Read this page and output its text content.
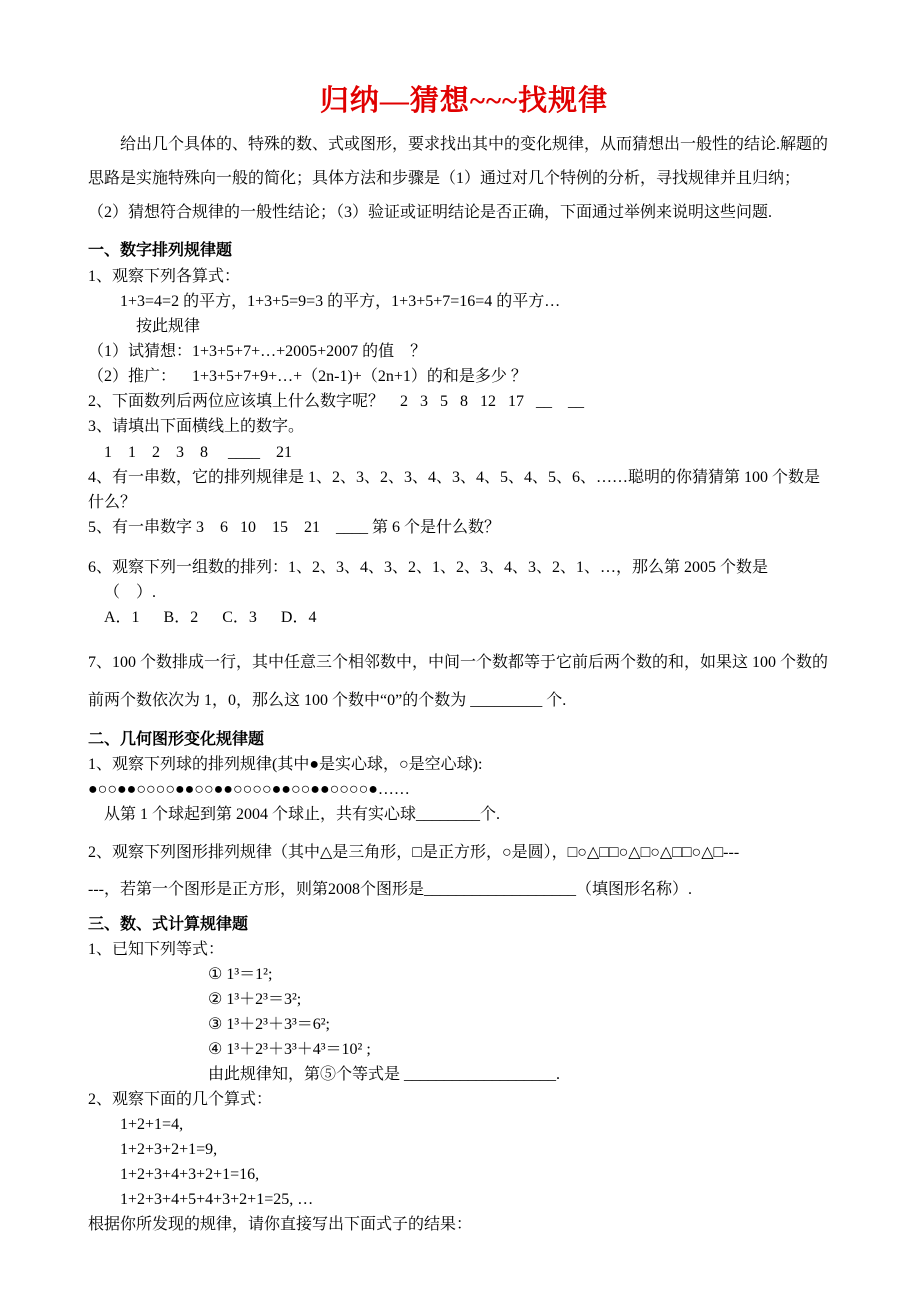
归纳—猜想~~~找规律
给出几个具体的、特殊的数、式或图形，要求找出其中的变化规律，从而猜想出一般性的结论.解题的
思路是实施特殊向一般的简化；具体方法和步骤是（1）通过对几个特例的分析，寻找规律并且归纳；
（2）猜想符合规律的一般性结论；（3）验证或证明结论是否正确，下面通过举例来说明这些问题.
一、数字排列规律题
1、观察下列各算式：
1+3=4=2 的平方，1+3+5=9=3 的平方，1+3+5+7=16=4 的平方…
按此规律
（1）试猜想：1+3+5+7+…+2005+2007 的值　？
（2）推广：    1+3+5+7+9+…+（2n-1)+（2n+1）的和是多少 ？
2、下面数列后两位应该填上什么数字呢？    2   3   5   8   12   17   __    __
3、请填出下面横线上的数字。
1    1    2    3    8     ____    21
4、有一串数，它的排列规律是 1、2、3、2、3、4、3、4、5、4、5、6、……聪明的你猜猜第 100 个数是
什么？
5、有一串数字 3    6   10    15    21    ____ 第 6 个是什么数？
6、观察下列一组数的排列：1、2、3、4、3、2、1、2、3、4、3、2、1、…，那么第 2005 个数是
（    ）.
A．1      B．2      C．3      D．4
7、100 个数排成一行，其中任意三个相邻数中，中间一个数都等于它前后两个数的和，如果这 100 个数的
前两个数依次为 1，0，那么这 100 个数中“0”的个数为 _________ 个.
二、几何图形变化规律题
1、观察下列球的排列规律(其中●是实心球，○是空心球):
●○○●●○○○○●●○○●●○○○○●●○○●●○○○○●……
从第 1 个球起到第 2004 个球止，共有实心球________个.
2、观察下列图形排列规律（其中△是三角形，□是正方形，○是圆），□○△□□○△□○△□□○△□---
---，若第一个图形是正方形，则第2008个图形是___________________（填图形名称）.
三、数、式计算规律题
1、已知下列等式：
① 1³＝1²;
② 1³＋2³＝3²;
③ 1³＋2³＋3³＝6²;
④ 1³＋2³＋3³＋4³＝10² ;
由此规律知，第⑤个等式是 ___________________.
2、观察下面的几个算式：
1+2+1=4,
1+2+3+2+1=9,
1+2+3+4+3+2+1=16,
1+2+3+4+5+4+3+2+1=25, …
根据你所发现的规律，请你直接写出下面式子的结果：
